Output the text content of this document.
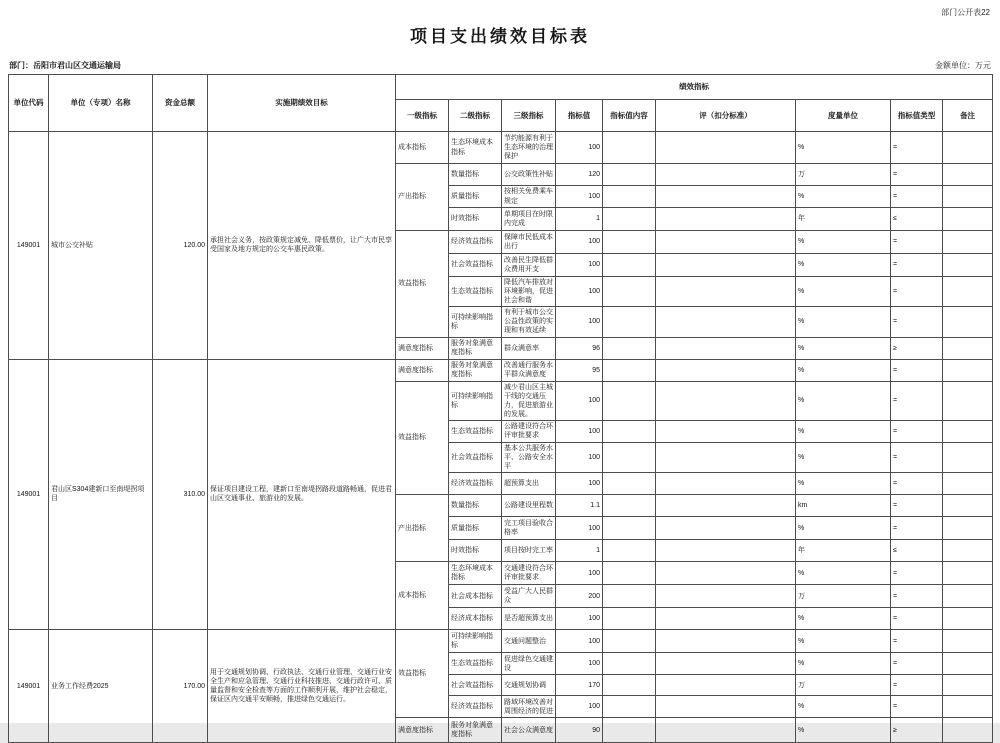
部门公开表22
项目支出绩效目标表
部门：岳阳市君山区交通运输局	金额单位：万元
单位代码	单位（专项）名称	资金总额	实施期绩效目标	绩效指标								
				一级指标	二级指标	三级指标	指标值	指标值内容	评（扣分标准）	度量单位	指标值类型	备注
149001	城市公交补贴	120.00	承担社会义务，按政策规定减免、降低票价，让广大市民享受国家及地方规定的公交车惠民政策。	成本指标	生态环境成本指标	节约能源有利于生态环境的治理保护	100			%	=	
				产出指标	数量指标	公交政策性补贴	120			万	=	
					质量指标	按相关免费乘车规定	100			%	=	
					时效指标	单期项目在时限内完成	1			年	≤	
				效益指标	经济效益指标	保障市民低成本出行	100			%	=	
					社会效益指标	改善民生降低群众费用开支	100			%	=	
					生态效益指标	降低汽车排放对环境影响，促进社会和谐	100			%	=	
					可持续影响指标	有利于城市公交公益性政策的实现和有效延续	100			%	=	
				满意度指标	服务对象满意度指标	群众满意率	96			%	≥	
149001	君山区S304建新口至南堤拐项目	310.00	保证项目建设工程，建新口至南堤拐路段道路畅通，促进君山区交通事业、旅游业的发展。	满意度指标	服务对象满意度指标	改善通行服务水平群众满意度	95			%	=	
				效益指标	可持续影响指标	减少君山区主城干线的交通压力，促进旅游业的发展。	100			%	=	
					生态效益指标	公路建设符合环评审批要求	100			%	=	
					社会效益指标	基本公共服务水平、公路安全水平	100			%	=	
					经济效益指标	超预算支出	100			%	=	
				产出指标	数量指标	公路建设里程数	1.1			km	=	
					质量指标	完工项目验收合格率	100			%	=	
					时效指标	项目按时完工率	1			年	≤	
				成本指标	生态环境成本指标	交通建设符合环评审批要求	100			%	=	
					社会成本指标	受益广大人民群众	200			万	=	
					经济成本指标	是否超预算支出	100			%	=	
149001	业务工作经费2025	170.00	用于交通规划协调、行政执法、交通行业管理、交通行业安全生产和应急管理、交通行业科技推进、交通行政许可、质量监督和安全检查等方面的工作顺利开展，维护社会稳定，保证区内交通平安顺畅，推进绿色交通运行。	效益指标	可持续影响指标	交通问题整治	100			%	=	
					生态效益指标	促进绿色交通建设	100			%	=	
					社会效益指标	交通规划协调	170			万	=	
					经济效益指标	路域环境改善对周围经济的促进	100			%	=	
				满意度指标	服务对象满意度指标	社会公众满意度	90			%	≥	
